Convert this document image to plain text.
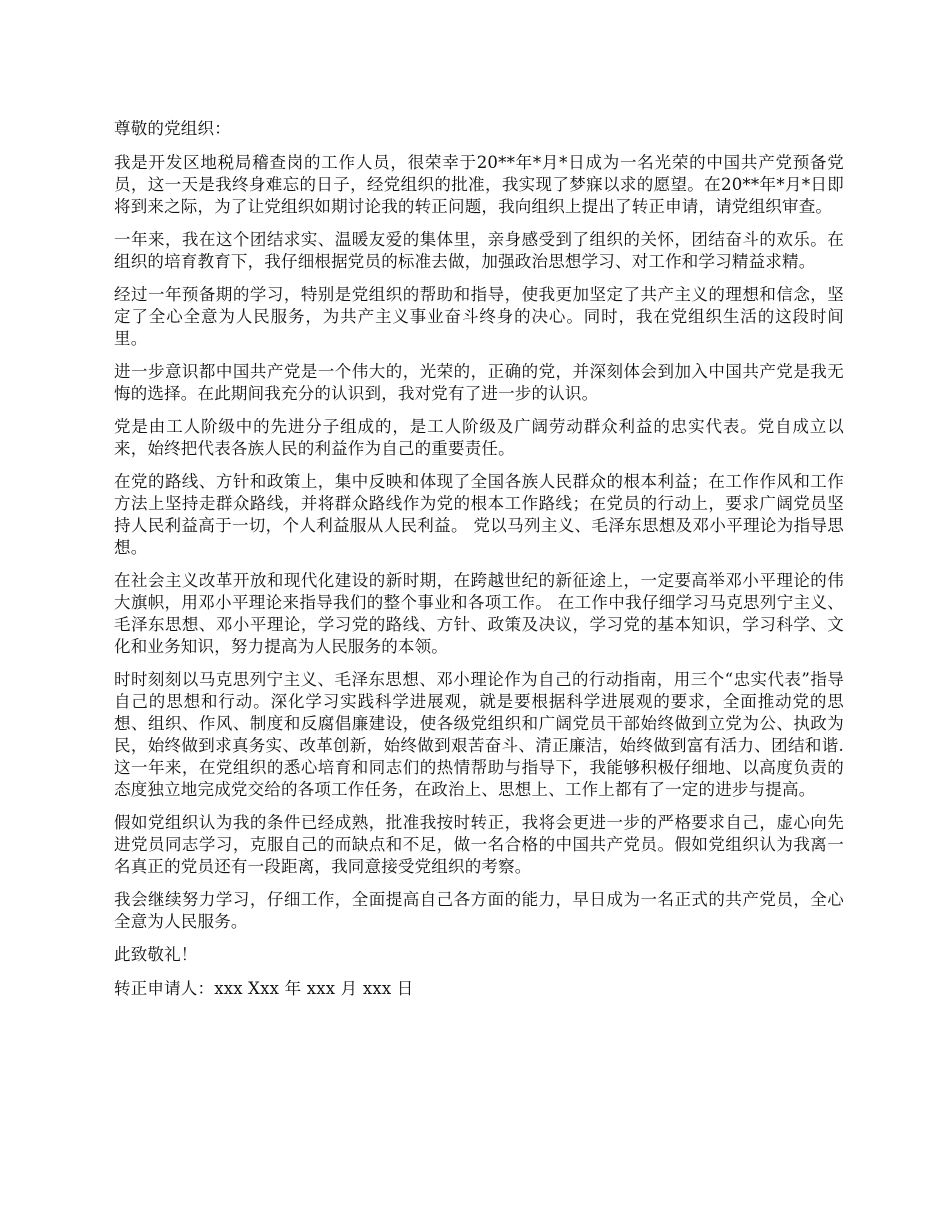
尊敬的党组织：

我是开发区地税局稽查岗的工作人员，很荣幸于20**年*月*日成为一名光荣的中国共产党预备党员，这一天是我终身难忘的日子，经党组织的批准，我实现了梦寐以求的愿望。在20**年*月*日即将到来之际，为了让党组织如期讨论我的转正问题，我向组织上提出了转正申请，请党组织审查。

一年来，我在这个团结求实、温暖友爱的集体里，亲身感受到了组织的关怀，团结奋斗的欢乐。在组织的培育教育下，我仔细根据党员的标准去做，加强政治思想学习、对工作和学习精益求精。

经过一年预备期的学习，特别是党组织的帮助和指导，使我更加坚定了共产主义的理想和信念，坚定了全心全意为人民服务，为共产主义事业奋斗终身的决心。同时，我在党组织生活的这段时间里。

进一步意识都中国共产党是一个伟大的，光荣的，正确的党，并深刻体会到加入中国共产党是我无悔的选择。在此期间我充分的认识到，我对党有了进一步的认识。

党是由工人阶级中的先进分子组成的，是工人阶级及广阔劳动群众利益的忠实代表。党自成立以来，始终把代表各族人民的利益作为自己的重要责任。

在党的路线、方针和政策上，集中反映和体现了全国各族人民群众的根本利益；在工作作风和工作方法上坚持走群众路线，并将群众路线作为党的根本工作路线；在党员的行动上，要求广阔党员坚持人民利益高于一切，个人利益服从人民利益。 党以马列主义、毛泽东思想及邓小平理论为指导思想。

在社会主义改革开放和现代化建设的新时期，在跨越世纪的新征途上，一定要高举邓小平理论的伟大旗帜，用邓小平理论来指导我们的整个事业和各项工作。 在工作中我仔细学习马克思列宁主义、毛泽东思想、邓小平理论，学习党的路线、方针、政策及决议，学习党的基本知识，学习科学、文化和业务知识，努力提高为人民服务的本领。

时时刻刻以马克思列宁主义、毛泽东思想、邓小理论作为自己的行动指南，用三个“忠实代表”指导自己的思想和行动。深化学习实践科学进展观，就是要根据科学进展观的要求，全面推动党的思想、组织、作风、制度和反腐倡廉建设，使各级党组织和广阔党员干部始终做到立党为公、执政为民，始终做到求真务实、改革创新，始终做到艰苦奋斗、清正廉洁，始终做到富有活力、团结和谐.这一年来，在党组织的悉心培育和同志们的热情帮助与指导下，我能够积极仔细地、以高度负责的态度独立地完成党交给的各项工作任务，在政治上、思想上、工作上都有了一定的进步与提高。

假如党组织认为我的条件已经成熟，批准我按时转正，我将会更进一步的严格要求自己，虚心向先进党员同志学习，克服自己的而缺点和不足，做一名合格的中国共产党员。假如党组织认为我离一名真正的党员还有一段距离，我同意接受党组织的考察。

我会继续努力学习，仔细工作，全面提高自己各方面的能力，早日成为一名正式的共产党员，全心全意为人民服务。

此致敬礼！

转正申请人：xxx Xxx 年 xxx 月 xxx 日
